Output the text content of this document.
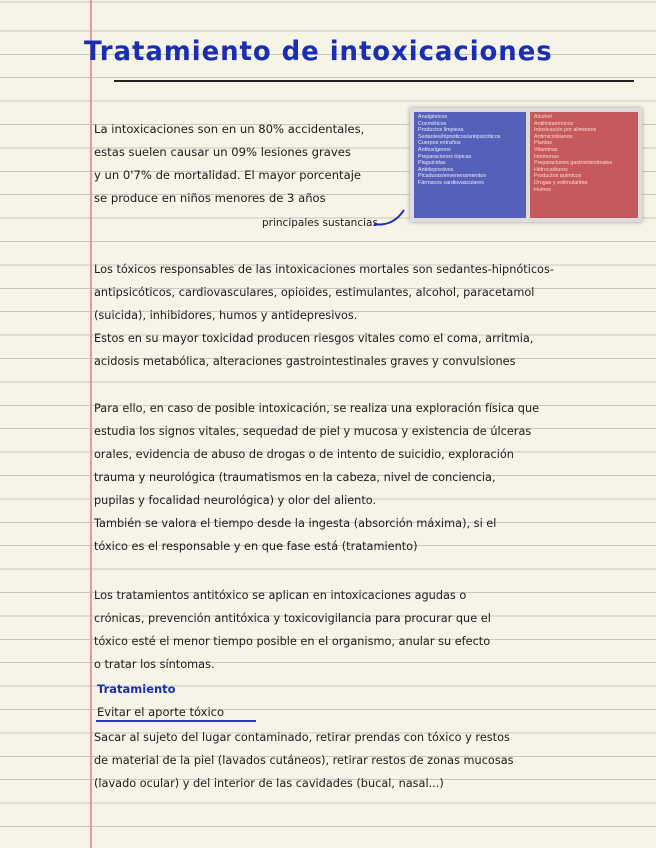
Tratamiento de intoxicaciones
La intoxicaciones son en un 80% accidentales,
estas suelen causar un 09% lesiones graves
y un 0'7% de mortalidad. El mayor porcentaje
se produce en niños menores de 3 años
principales sustancias
Analgésicos
Cosméticos
Productos limpieza
Sedantes/hipnóticos/antipsicóticos
Cuerpos extraños
Antitusígenos
Preparaciones tópicas
Plaguicidas
Antidepresivos
Picaduras/envenenamientos
Fármacos cardiovasculares
Alcohol
Antihistamínicos
Intoxicación por alimentos
Antimicrobianos
Plantas
Vitaminas
Hormonas
Preparaciones gastrointestinales
Hidrocarburos
Productos químicos
Drogas y estimulantes
Humos
Los tóxicos responsables de las intoxicaciones mortales son sedantes-hipnóticos-
antipsicóticos, cardiovasculares, opioides, estimulantes, alcohol, paracetamol
(suicida), inhibidores, humos y antidepresivos.
Estos en su mayor toxicidad producen riesgos vitales como el coma, arritmia,
acidosis metabólica, alteraciones gastrointestinales graves y convulsiones
Para ello, en caso de posible intoxicación, se realiza una exploración física que
estudia los signos vitales, sequedad de piel y mucosa y existencia de úlceras
orales, evidencia de abuso de drogas o de intento de suicidio, exploración
trauma y neurológica (traumatismos en la cabeza, nivel de conciencia,
pupilas y focalidad neurológica) y olor del aliento.
También se valora el tiempo desde la ingesta (absorción máxima), si el
tóxico es el responsable y en que fase está (tratamiento)
Los tratamientos antitóxico se aplican en intoxicaciones agudas o
crónicas, prevención antitóxica y toxicovigilancia para procurar que el
tóxico esté el menor tiempo posible en el organismo, anular su efecto
o tratar los síntomas.
Tratamiento
Evitar el aporte tóxico
Sacar al sujeto del lugar contaminado, retirar prendas con tóxico y restos
de material de la piel (lavados cutáneos), retirar restos de zonas mucosas
(lavado ocular) y del interior de las cavidades (bucal, nasal...)
